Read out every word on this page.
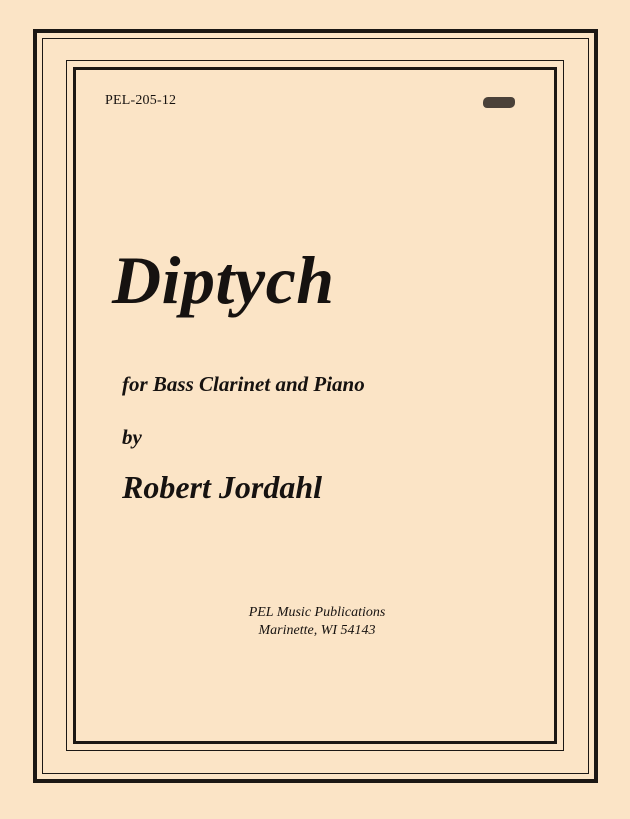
PEL-205-12
Diptych
for Bass Clarinet and Piano
by
Robert Jordahl
PEL Music Publications
Marinette, WI 54143
